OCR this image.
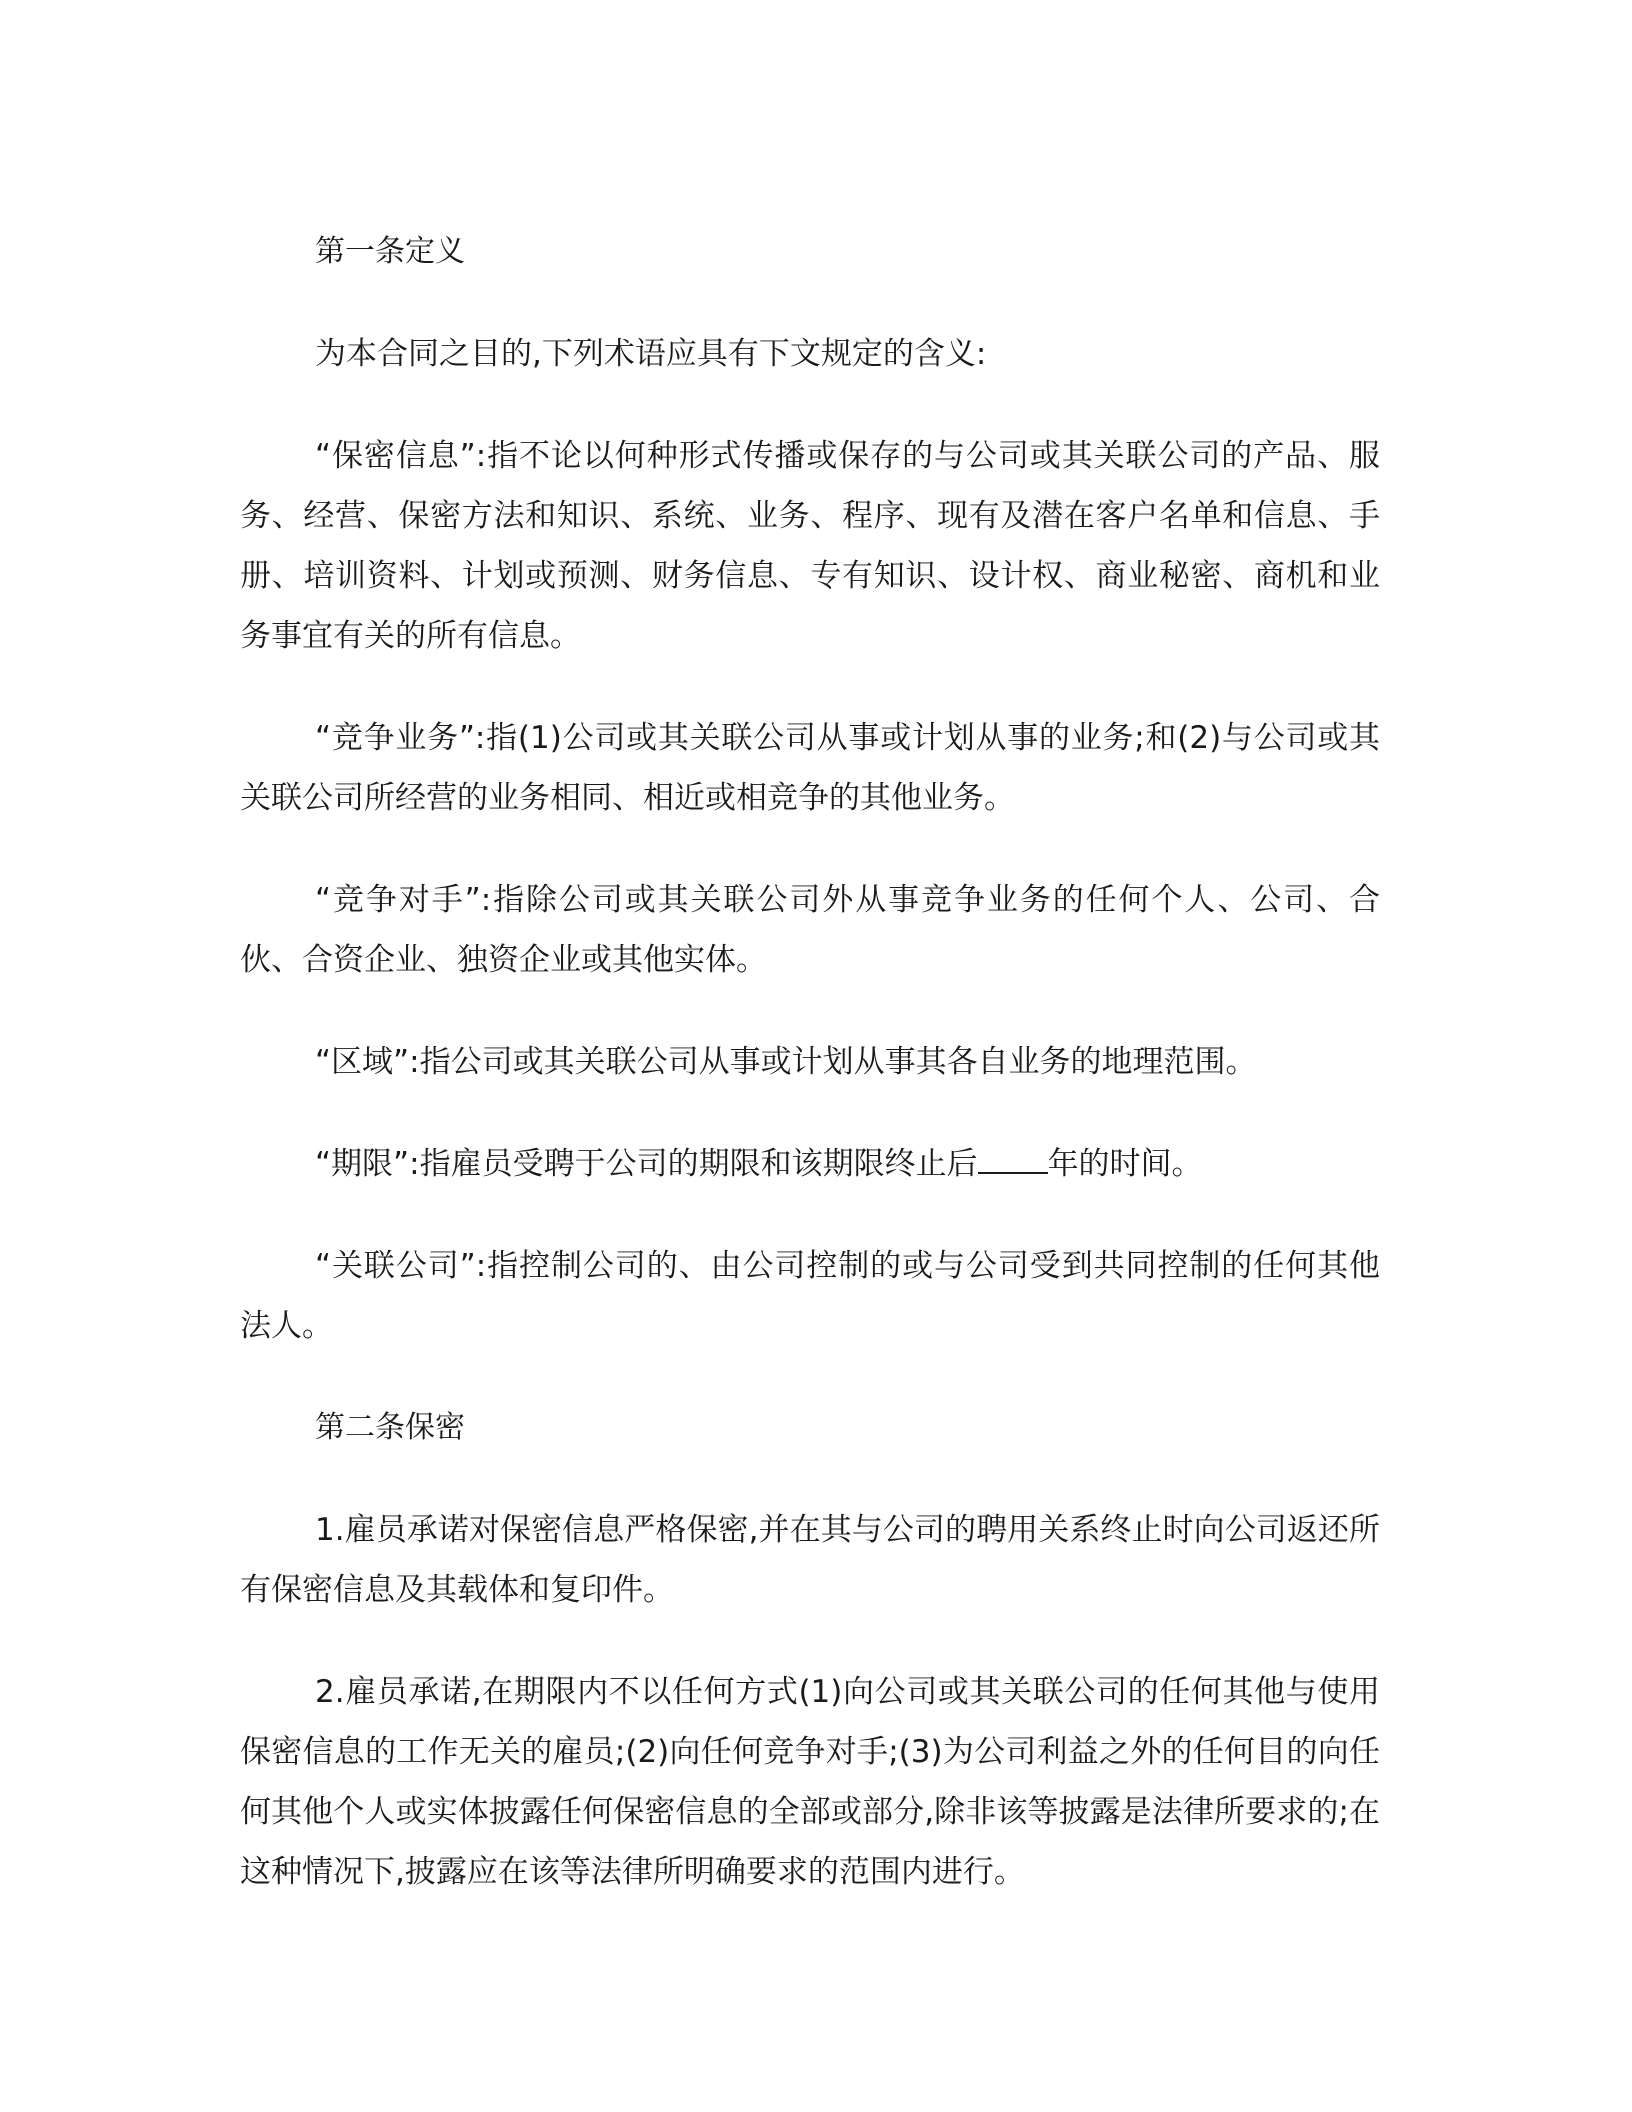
第一条定义

为本合同之目的,下列术语应具有下文规定的含义:

“保密信息”:指不论以何种形式传播或保存的与公司或其关联公司的产品、服务、经营、保密方法和知识、系统、业务、程序、现有及潜在客户名单和信息、手册、培训资料、计划或预测、财务信息、专有知识、设计权、商业秘密、商机和业务事宜有关的所有信息。

“竞争业务”:指(1)公司或其关联公司从事或计划从事的业务;和(2)与公司或其关联公司所经营的业务相同、相近或相竞争的其他业务。

“竞争对手”:指除公司或其关联公司外从事竞争业务的任何个人、公司、合伙、合资企业、独资企业或其他实体。

“区域”:指公司或其关联公司从事或计划从事其各自业务的地理范围。

“期限”:指雇员受聘于公司的期限和该期限终止后 年的时间。

“关联公司”:指控制公司的、由公司控制的或与公司受到共同控制的任何其他法人。

第二条保密

1.雇员承诺对保密信息严格保密,并在其与公司的聘用关系终止时向公司返还所有保密信息及其载体和复印件。

2.雇员承诺,在期限内不以任何方式(1)向公司或其关联公司的任何其他与使用保密信息的工作无关的雇员;(2)向任何竞争对手;(3)为公司利益之外的任何目的向任何其他个人或实体披露任何保密信息的全部或部分,除非该等披露是法律所要求的;在这种情况下,披露应在该等法律所明确要求的范围内进行。
